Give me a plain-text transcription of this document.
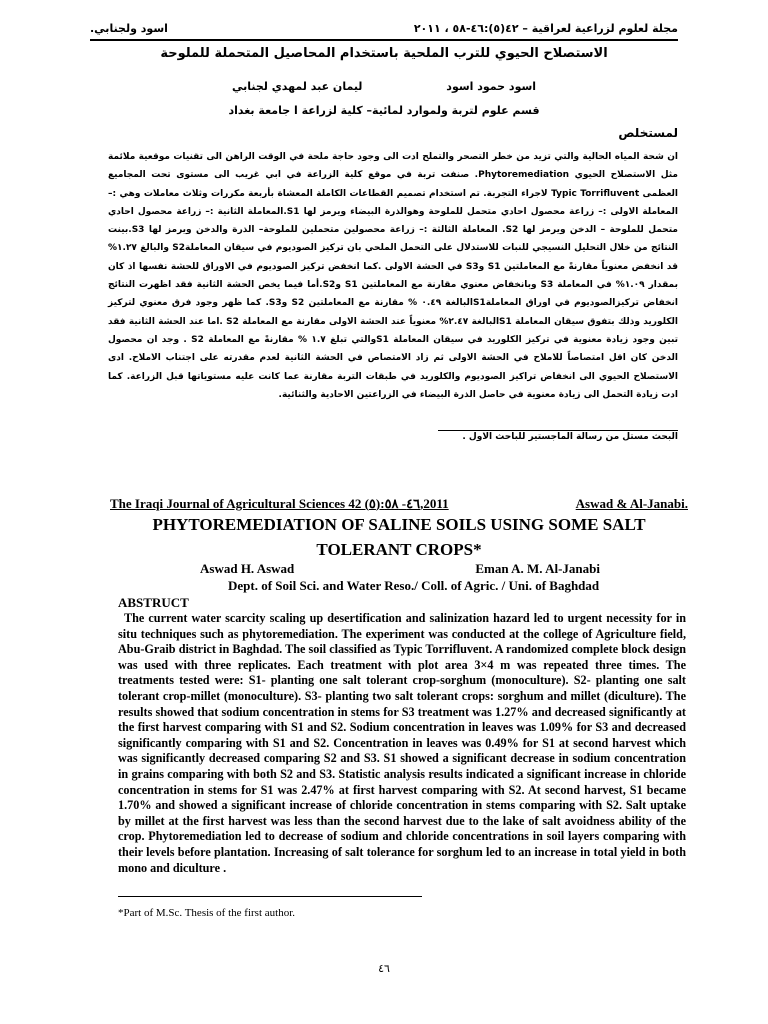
مجلة لعلوم لزراعية لعراقية – ٤٢(٥):٤٦-٥٨ ، ٢٠١١
اسود ولجنابي.
الاستصلاح الحيوي للترب الملحية باستخدام المحاصيل المتحملة للملوحة
اسود حمود اسود ليمان عبد لمهدي لجنابي
قسم علوم لتربة ولموارد لمائية– كلية لزراعة ا جامعة بغداد
لمستخلص
ان شحة المياه الحالية والتي تزيد من خطر التصحر والتملح ادت الى وجود حاجة ملحة في الوقت الراهن الى تقنيات موقعية ملائمة مثل الاستصلاح الحيوي Phytoremediation. صنفت تربة في موقع كلية الزراعة في ابي غريب الى مستوى تحت المجاميع العظمى Typic Torrifluvent لاجراء التجربة. تم استخدام تصميم القطاعات الكاملة المعشاة بأربعة مكررات وثلاث معاملات وهي :– المعاملة الاولى :– زراعة محصول احادي متحمل للملوحة وهوالذرة البيضاء ويرمز لها S1.المعاملة الثانية :– زراعة محصول احادي متحمل للملوحة – الدخن ويرمز لها S2. المعاملة الثالثة :– زراعة محصولين متحملين للملوحة– الذرة والدخن ويرمز لها S3.بينت النتائج من خلال التحليل النسيجي للنبات للاستدلال على التحمل الملحي بان تركيز الصوديوم في سيقان المعاملةS2 والبالغ ١.٢٧% قد انخفض معنوياً مقارنةً مع المعاملتين S1 وS3 في الحشة الاولى .كما انخفض تركيز الصوديوم في الاوراق للحشة نفسها اذ كان بمقدار ١.٠٩% في المعاملة S3 وبانخفاض معنوي مقارنة مع المعاملتين S1 وS2.أما فيما يخص الحشة الثانية فقد اظهرت النتائج انخفاض تركيزالصوديوم في اوراق المعاملةS1البالغة ٠.٤٩ % مقارنة مع المعاملتين S2 وS3. كما ظهر وجود فرق معنوي لتركيز الكلوريد وذلك بتفوق سيقان المعاملة S1البالغة ٢.٤٧% معنوياً عند الحشة الاولى مقارنة مع المعاملة S2 .اما عند الحشة الثانية فقد تبين وجود زيادة معنوية في تركيز الكلوريد في سيقان المعاملة S1والتي تبلغ ١.٧ % مقارنةً مع المعاملة S2 . وجد ان محصول الدخن كان اقل امتصاصاً للاملاح في الحشة الاولى ثم زاد الامتصاص في الحشة الثانية لعدم مقدرته على اجتناب الاملاح. ادى الاستصلاح الحيوي الى انخفاض تراكيز الصوديوم والكلوريد في طبقات التربة مقارنة عما كانت عليه مستوياتها قبل الزراعة. كما ادت زيادة التحمل الى زيادة معنوية في حاصل الذرة البيضاء في الزراعتين الاحادية والثنائية.
البحث مستل من رسالة الماجستير للباحث الاول .
The Iraqi Journal of Agricultural Sciences 42 (٥):٤٦- ٥٨,2011	Aswad & Al-Janabi.
PHYTOREMEDIATION OF SALINE SOILS USING SOME SALT
TOLERANT CROPS*
Aswad H. Aswad	Eman A. M. Al-Janabi
Dept. of Soil Sci. and Water Reso./ Coll. of Agric. / Uni. of Baghdad
ABSTRUCT
The current water scarcity scaling up desertification and salinization hazard led to urgent necessity for in situ techniques such as phytoremediation. The experiment was conducted at the college of Agriculture field, Abu-Graib district in Baghdad. The soil classified as Typic Torrifluvent. A randomized complete block design was used with three replicates. Each treatment with plot area 3×4 m was repeated three times. The treatments tested were: S1- planting one salt tolerant crop-sorghum (monoculture). S2- planting one salt tolerant crop-millet (monoculture). S3- planting two salt tolerant crops: sorghum and millet (diculture). The results showed that sodium concentration in stems for S3 treatment was 1.27% and decreased significantly at the first harvest comparing with S1 and S2. Sodium concentration in leaves was 1.09% for S3 and decreased significantly comparing with S1 and S2. Concentration in leaves was 0.49% for S1 at second harvest which was significantly decreased comparing S2 and S3. S1 showed a significant decrease in sodium concentration in grains comparing with both S2 and S3. Statistic analysis results indicated a significant increase in chloride concentration in stems for S1 was 2.47% at first harvest comparing with S2. At second harvest, S1 became 1.70% and showed a significant increase of chloride concentration in stems comparing with S2. Salt uptake by millet at the first harvest was less than the second harvest due to the lake of salt avoidness ability of the crop. Phytoremediation led to decrease of sodium and chloride concentrations in soil layers comparing with their levels before plantation. Increasing of salt tolerance for sorghum led to an increase in total yield in both mono and diculture .
*Part of M.Sc. Thesis of the first author.
٤٦
